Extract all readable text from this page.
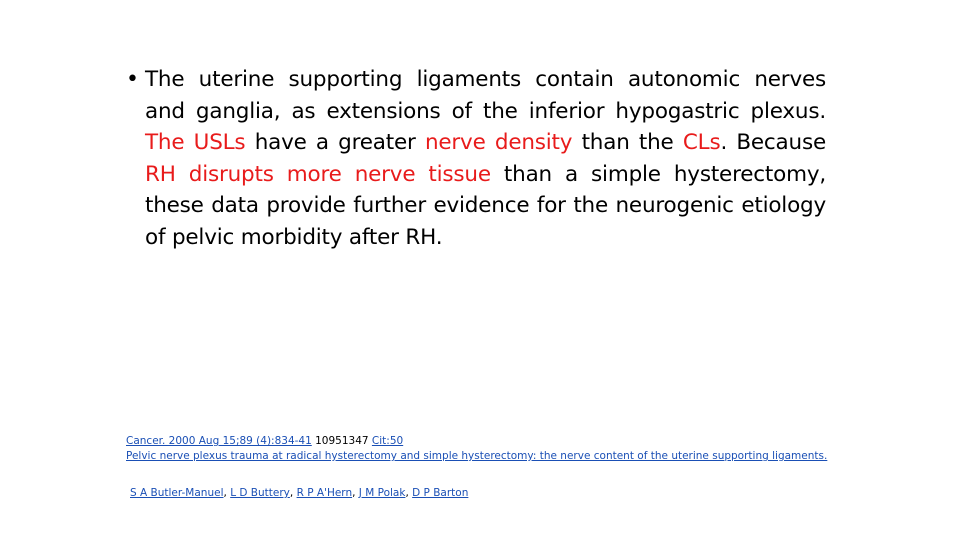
• The uterine supporting ligaments contain autonomic nerves and ganglia, as extensions of the inferior hypogastric plexus. The USLs have a greater nerve density than the CLs. Because RH disrupts more nerve tissue than a simple hysterectomy, these data provide further evidence for the neurogenic etiology of pelvic morbidity after RH.
Cancer. 2000 Aug 15;89 (4):834-41 10951347 Cit:50
Pelvic nerve plexus trauma at radical hysterectomy and simple hysterectomy: the nerve content of the uterine supporting ligaments.
S A Butler-Manuel, L D Buttery, R P A'Hern, J M Polak, D P Barton
